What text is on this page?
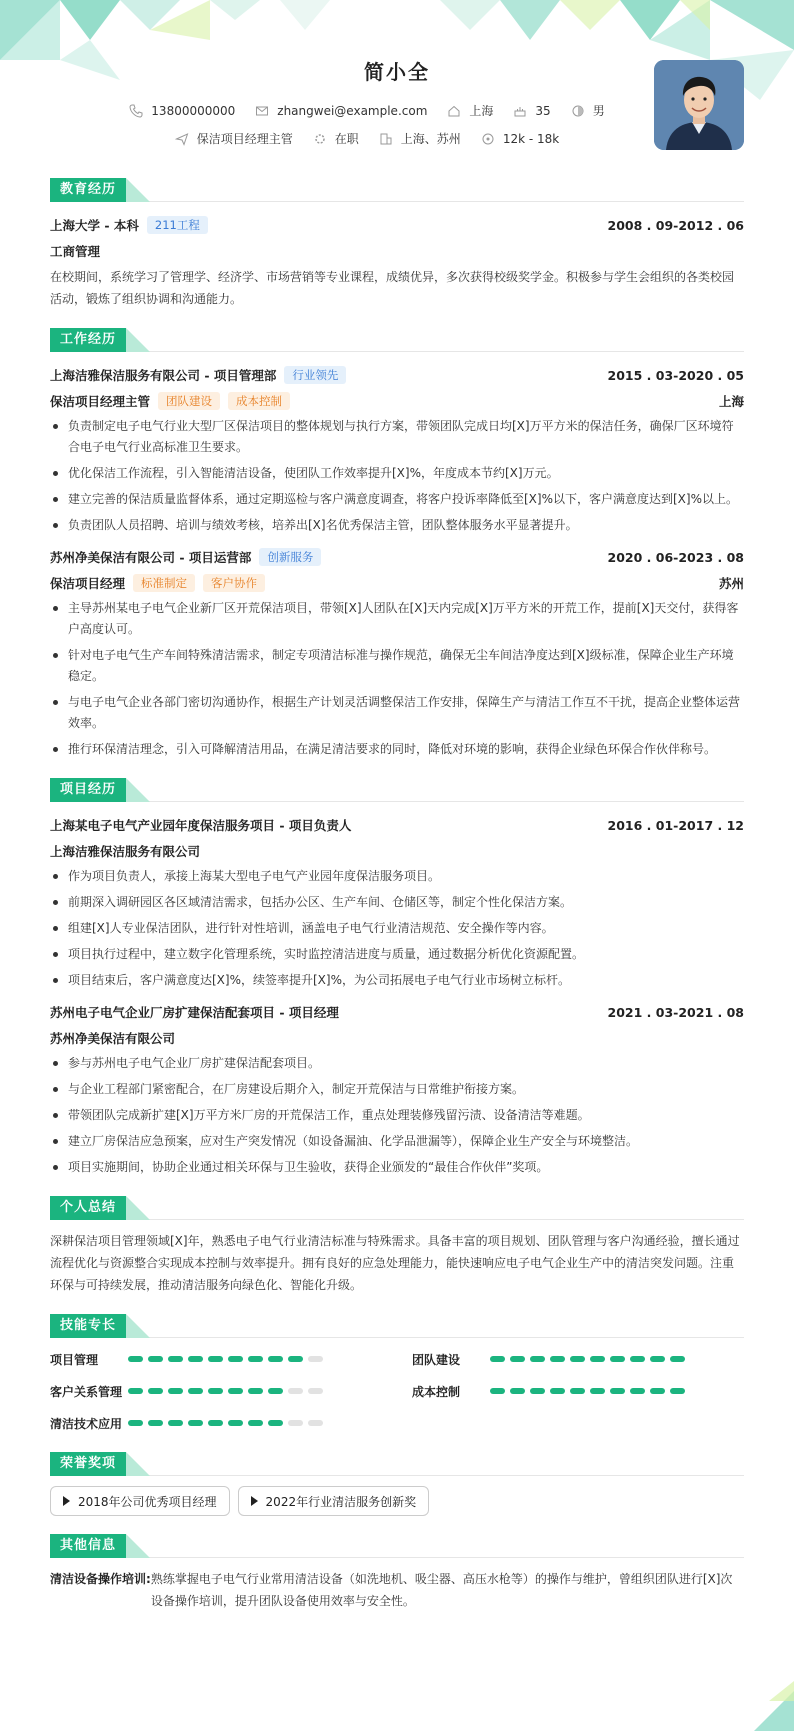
简小全
13800000000	zhangwei@example.com	上海	35	男
保洁项目经理主管	在职	上海、苏州	12k - 18k
教育经历
上海大学 - 本科	211工程	2008 . 09-2012 . 06
工商管理
在校期间，系统学习了管理学、经济学、市场营销等专业课程，成绩优异，多次获得校级奖学金。积极参与学生会组织的各类校园活动，锻炼了组织协调和沟通能力。
工作经历
上海洁雅保洁服务有限公司 - 项目管理部	行业领先	2015 . 03-2020 . 05
保洁项目经理主管	团队建设	成本控制	上海
负责制定电子电气行业大型厂区保洁项目的整体规划与执行方案，带领团队完成日均[X]万平方米的保洁任务，确保厂区环境符合电子电气行业高标准卫生要求。
优化保洁工作流程，引入智能清洁设备，使团队工作效率提升[X]%，年度成本节约[X]万元。
建立完善的保洁质量监督体系，通过定期巡检与客户满意度调查，将客户投诉率降低至[X]%以下，客户满意度达到[X]%以上。
负责团队人员招聘、培训与绩效考核，培养出[X]名优秀保洁主管，团队整体服务水平显著提升。
苏州净美保洁有限公司 - 项目运营部	创新服务	2020 . 06-2023 . 08
保洁项目经理	标准制定	客户协作	苏州
主导苏州某电子电气企业新厂区开荒保洁项目，带领[X]人团队在[X]天内完成[X]万平方米的开荒工作，提前[X]天交付，获得客户高度认可。
针对电子电气生产车间特殊清洁需求，制定专项清洁标准与操作规范，确保无尘车间洁净度达到[X]级标准，保障企业生产环境稳定。
与电子电气企业各部门密切沟通协作，根据生产计划灵活调整保洁工作安排，保障生产与清洁工作互不干扰，提高企业整体运营效率。
推行环保清洁理念，引入可降解清洁用品，在满足清洁要求的同时，降低对环境的影响，获得企业绿色环保合作伙伴称号。
项目经历
上海某电子电气产业园年度保洁服务项目 - 项目负责人	2016 . 01-2017 . 12
上海洁雅保洁服务有限公司
作为项目负责人，承接上海某大型电子电气产业园年度保洁服务项目。
前期深入调研园区各区域清洁需求，包括办公区、生产车间、仓储区等，制定个性化保洁方案。
组建[X]人专业保洁团队，进行针对性培训，涵盖电子电气行业清洁规范、安全操作等内容。
项目执行过程中，建立数字化管理系统，实时监控清洁进度与质量，通过数据分析优化资源配置。
项目结束后，客户满意度达[X]%，续签率提升[X]%，为公司拓展电子电气行业市场树立标杆。
苏州电子电气企业厂房扩建保洁配套项目 - 项目经理	2021 . 03-2021 . 08
苏州净美保洁有限公司
参与苏州电子电气企业厂房扩建保洁配套项目。
与企业工程部门紧密配合，在厂房建设后期介入，制定开荒保洁与日常维护衔接方案。
带领团队完成新扩建[X]万平方米厂房的开荒保洁工作，重点处理装修残留污渍、设备清洁等难题。
建立厂房保洁应急预案，应对生产突发情况（如设备漏油、化学品泄漏等），保障企业生产安全与环境整洁。
项目实施期间，协助企业通过相关环保与卫生验收，获得企业颁发的“最佳合作伙伴”奖项。
个人总结
深耕保洁项目管理领域[X]年，熟悉电子电气行业清洁标准与特殊需求。具备丰富的项目规划、团队管理与客户沟通经验，擅长通过流程优化与资源整合实现成本控制与效率提升。拥有良好的应急处理能力，能快速响应电子电气企业生产中的清洁突发问题。注重环保与可持续发展，推动清洁服务向绿色化、智能化升级。
技能专长
项目管理	团队建设
客户关系管理	成本控制
清洁技术应用
荣誉奖项
2018年公司优秀项目经理	2022年行业清洁服务创新奖
其他信息
清洁设备操作培训: 熟练掌握电子电气行业常用清洁设备（如洗地机、吸尘器、高压水枪等）的操作与维护，曾组织团队进行[X]次设备操作培训，提升团队设备使用效率与安全性。
